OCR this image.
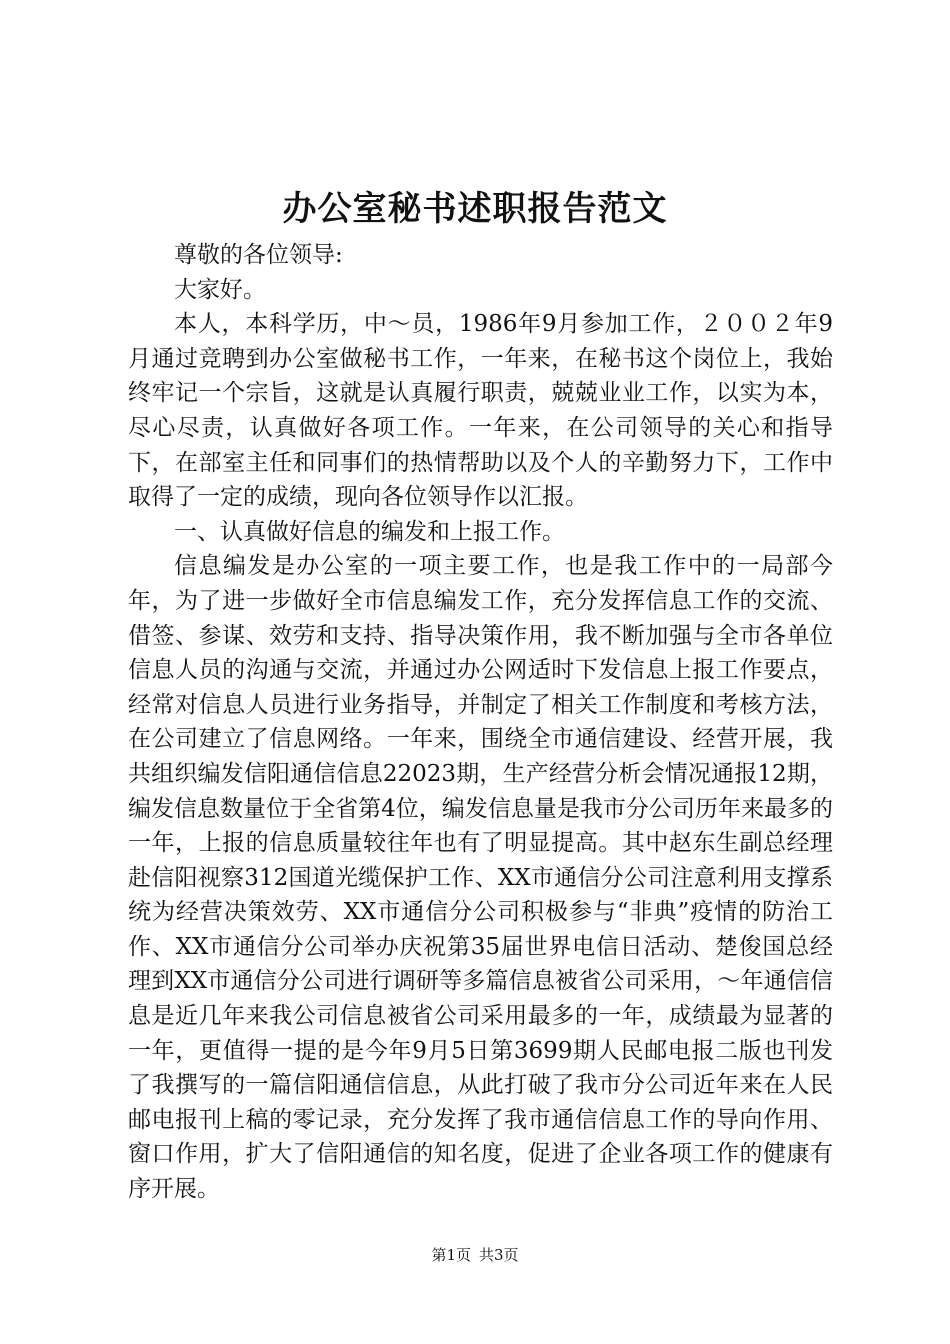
办公室秘书述职报告范文

尊敬的各位领导:

大家好。

本人，本科学历，中～员，1986年9月参加工作，２００２年9月通过竞聘到办公室做秘书工作，一年来，在秘书这个岗位上，我始终牢记一个宗旨，这就是认真履行职责，兢兢业业工作，以实为本，尽心尽责，认真做好各项工作。一年来，在公司领导的关心和指导下，在部室主任和同事们的热情帮助以及个人的辛勤努力下，工作中取得了一定的成绩，现向各位领导作以汇报。

一、认真做好信息的编发和上报工作。

信息编发是办公室的一项主要工作，也是我工作中的一局部今年，为了进一步做好全市信息编发工作，充分发挥信息工作的交流、借签、参谋、效劳和支持、指导决策作用，我不断加强与全市各单位信息人员的沟通与交流，并通过办公网适时下发信息上报工作要点，经常对信息人员进行业务指导，并制定了相关工作制度和考核方法，在公司建立了信息网络。一年来，围绕全市通信建设、经营开展，我共组织编发信阳通信信息22023期，生产经营分析会情况通报12期，编发信息数量位于全省第4位，编发信息量是我市分公司历年来最多的一年，上报的信息质量较往年也有了明显提高。其中赵东生副总经理赴信阳视察312国道光缆保护工作、XX市通信分公司注意利用支撑系统为经营决策效劳、XX市通信分公司积极参与“非典”疫情的防治工作、XX市通信分公司举办庆祝第35届世界电信日活动、楚俊国总经理到XX市通信分公司进行调研等多篇信息被省公司采用，～年通信信息是近几年来我公司信息被省公司采用最多的一年，成绩最为显著的一年，更值得一提的是今年9月5日第3699期人民邮电报二版也刊发了我撰写的一篇信阳通信信息，从此打破了我市分公司近年来在人民邮电报刊上稿的零记录，充分发挥了我市通信信息工作的导向作用、窗口作用，扩大了信阳通信的知名度，促进了企业各项工作的健康有序开展。

第1页 共3页
